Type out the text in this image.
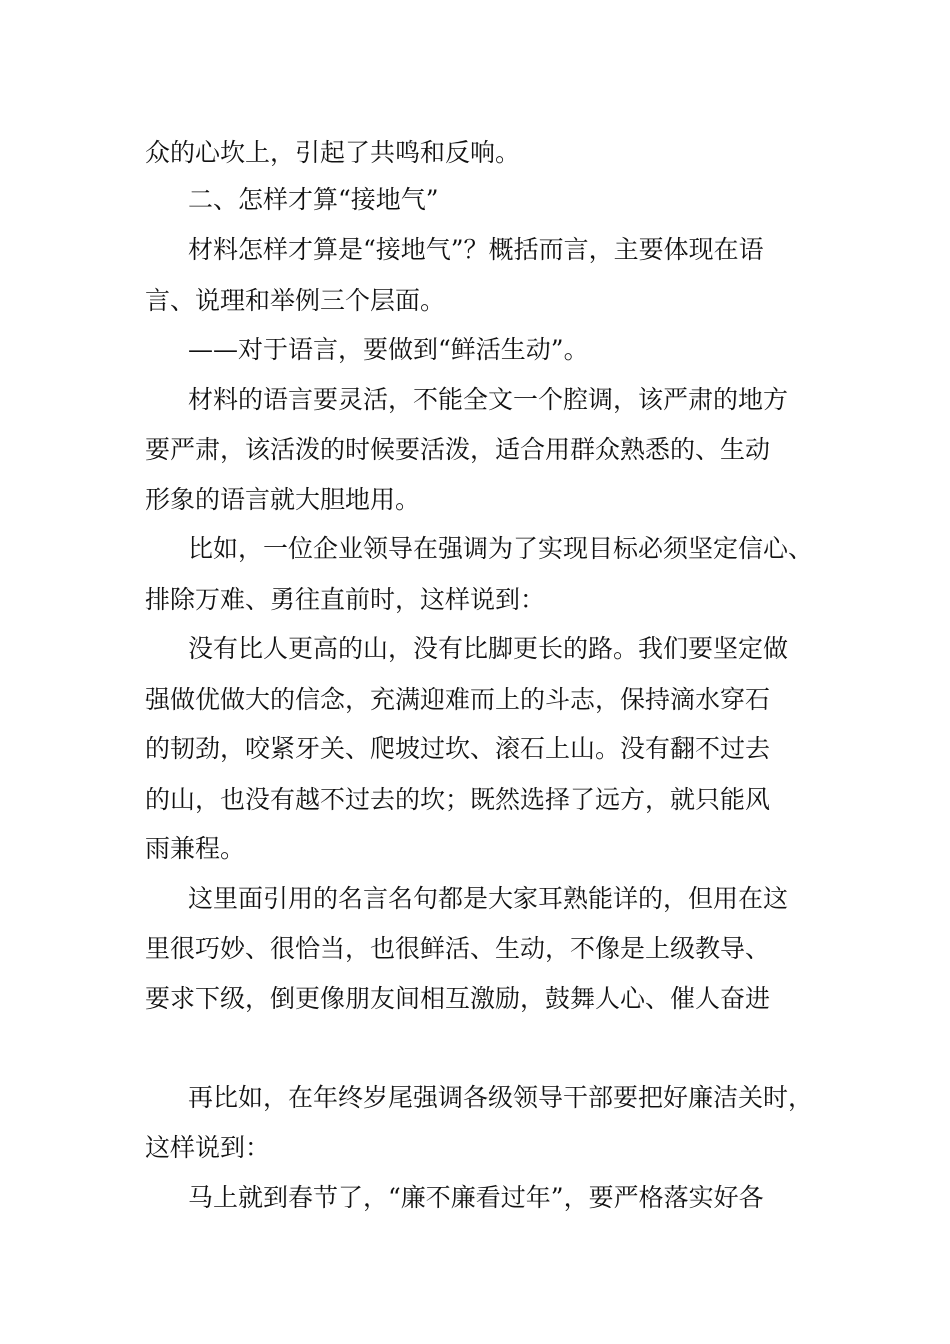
众的心坎上，引起了共鸣和反响。

二、怎样才算“接地气”

材料怎样才算是“接地气”？概括而言，主要体现在语

言、说理和举例三个层面。

——对于语言，要做到“鲜活生动”。

材料的语言要灵活，不能全文一个腔调，该严肃的地方

要严肃，该活泼的时候要活泼，适合用群众熟悉的、生动

形象的语言就大胆地用。

比如，一位企业领导在强调为了实现目标必须坚定信心、

排除万难、勇往直前时，这样说到：

没有比人更高的山，没有比脚更长的路。我们要坚定做

强做优做大的信念，充满迎难而上的斗志，保持滴水穿石

的韧劲，咬紧牙关、爬坡过坎、滚石上山。没有翻不过去

的山，也没有越不过去的坎；既然选择了远方，就只能风

雨兼程。

这里面引用的名言名句都是大家耳熟能详的，但用在这

里很巧妙、很恰当，也很鲜活、生动，不像是上级教导、

要求下级，倒更像朋友间相互激励，鼓舞人心、催人奋进

再比如，在年终岁尾强调各级领导干部要把好廉洁关时，

这样说到：

马上就到春节了，“廉不廉看过年”，要严格落实好各
